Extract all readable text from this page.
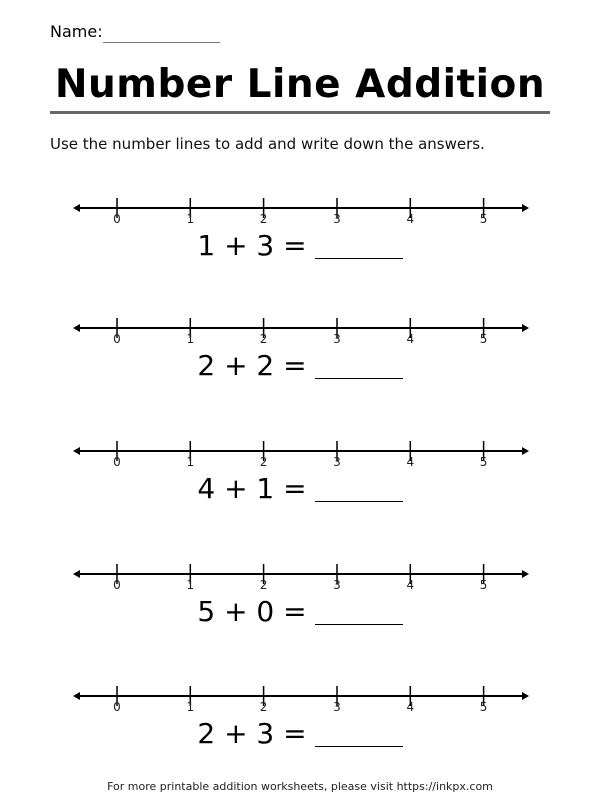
Name:
Number Line Addition
Use the number lines to add and write down the answers.
0	1	2	3	4	5
1 + 3 =
0	1	2	3	4	5
2 + 2 =
0	1	2	3	4	5
4 + 1 =
0	1	2	3	4	5
5 + 0 =
0	1	2	3	4	5
2 + 3 =
For more printable addition worksheets, please visit https://inkpx.com
